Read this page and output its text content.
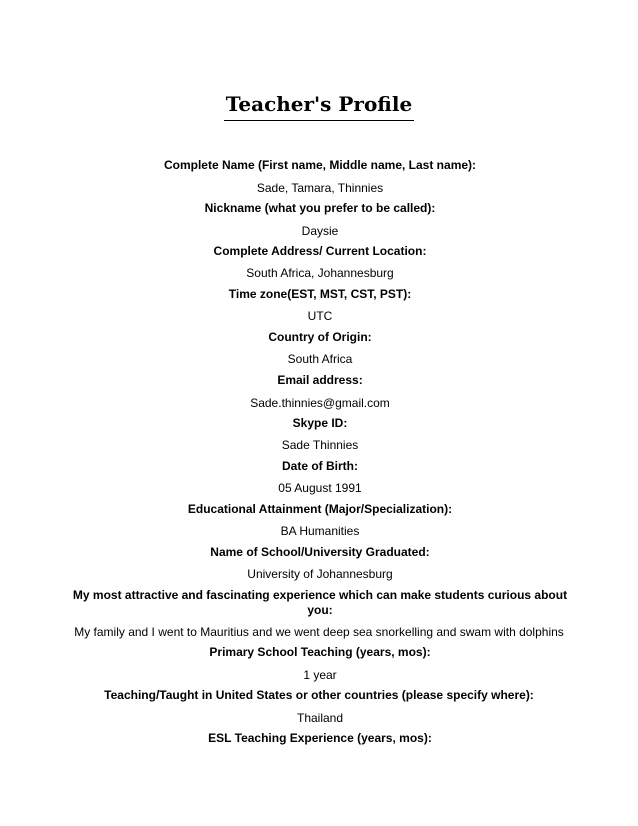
Teacher's Profile
Complete Name (First name, Middle name, Last name):
Sade, Tamara, Thinnies
Nickname (what you prefer to be called):
Daysie
Complete Address/ Current Location:
South Africa, Johannesburg
Time zone(EST, MST, CST, PST):
UTC
Country of Origin:
South Africa
Email address:
Sade.thinnies@gmail.com
Skype ID:
Sade Thinnies
Date of Birth:
05 August 1991
Educational Attainment (Major/Specialization):
BA Humanities
Name of School/University Graduated:
University of Johannesburg
My most attractive and fascinating experience which can make students curious about you:
My family and I went to Mauritius and we went deep sea snorkelling and swam with dolphins
Primary School Teaching (years, mos):
1 year
Teaching/Taught in United States or other countries (please specify where):
Thailand
ESL Teaching Experience (years, mos):
